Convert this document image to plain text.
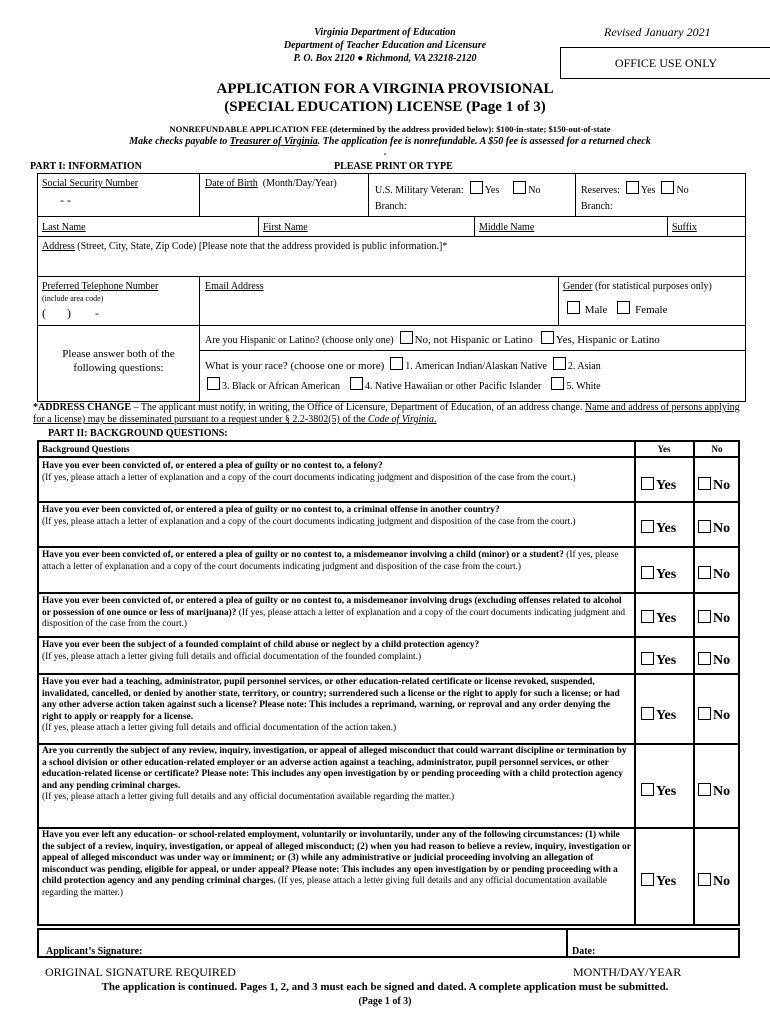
Virginia Department of Education
Department of Teacher Education and Licensure
P. O. Box 2120 ● Richmond, VA 23218-2120
Revised January 2021
OFFICE USE ONLY
APPLICATION FOR A VIRGINIA PROVISIONAL
(SPECIAL EDUCATION) LICENSE (Page 1 of 3)
NONREFUNDABLE APPLICATION FEE (determined by the address provided below): $100-in-state; $150-out-of-state
Make checks payable to Treasurer of Virginia. The application fee is nonrefundable. A $50 fee is assessed for a returned check
.
PART I: INFORMATION	PLEASE PRINT OR TYPE
Social Security Number
- -
Date of Birth (Month/Day/Year)
U.S. Military Veteran: Yes	No
Branch:
Reserves: Yes No
Branch:
Last Name	First Name	Middle Name	Suffix
Address (Street, City, State, Zip Code) [Please note that the address provided is public information.]*
Preferred Telephone Number
(include area code)
(       )        -
Email Address	Gender (for statistical purposes only)
Male	Female
Please answer both of the
following questions:
Are you Hispanic or Latino? (choose only one) No, not Hispanic or Latino Yes, Hispanic or Latino
What is your race? (choose one or more) 1. American Indian/Alaskan Native 2. Asian
3. Black or African American	4. Native Hawaiian or other Pacific Islander	5. White
*ADDRESS CHANGE – The applicant must notify, in writing, the Office of Licensure, Department of Education, of an address change. Name and address of persons applying for a license) may be disseminated pursuant to a request under § 2.2-3802(5) of the Code of Virginia.
PART II: BACKGROUND QUESTIONS:
Background Questions	Yes	No
Have you ever been convicted of, or entered a plea of guilty or no contest to, a felony?
(If yes, please attach a letter of explanation and a copy of the court documents indicating judgment and disposition of the case from the court.)
Yes	No
Have you ever been convicted of, or entered a plea of guilty or no contest to, a criminal offense in another country?
(If yes, please attach a letter of explanation and a copy of the court documents indicating judgment and disposition of the case from the court.)	Yes	No
Have you ever been convicted of, or entered a plea of guilty or no contest to, a misdemeanor involving a child (minor) or a student? (If yes, please attach a letter of explanation and a copy of the court documents indicating judgment and disposition of the case from the court.)
Yes	No
Have you ever been convicted of, or entered a plea of guilty or no contest to, a misdemeanor involving drugs (excluding offenses related to alcohol or possession of one ounce or less of marijuana)? (If yes, please attach a letter of explanation and a copy of the court documents indicating judgment and disposition of the case from the court.)	Yes	No
Have you ever been the subject of a founded complaint of child abuse or neglect by a child protection agency?
(If yes, please attach a letter giving full details and official documentation of the founded complaint.)	Yes	No
Have you ever had a teaching, administrator, pupil personnel services, or other education-related certificate or license revoked, suspended, invalidated, cancelled, or denied by another state, territory, or country; surrendered such a license or the right to apply for such a license; or had any other adverse action taken against such a license? Please note: This includes a reprimand, warning, or reproval and any order denying the right to apply or reapply for a license.
(If yes, please attach a letter giving full details and official documentation of the action taken.)
Yes	No
Are you currently the subject of any review, inquiry, investigation, or appeal of alleged misconduct that could warrant discipline or termination by a school division or other education-related employer or an adverse action against a teaching, administrator, pupil personnel services, or other education-related license or certificate? Please note: This includes any open investigation by or pending proceeding with a child protection agency and any pending criminal charges.
(If yes, please attach a letter giving full details and any official documentation available regarding the matter.)	Yes	No
Have you ever left any education- or school-related employment, voluntarily or involuntarily, under any of the following circumstances: (1) while the subject of a review, inquiry, investigation, or appeal of alleged misconduct; (2) when you had reason to believe a review, inquiry, investigation or appeal of alleged misconduct was under way or imminent; or (3) while any administrative or judicial proceeding involving an allegation of misconduct was pending, eligible for appeal, or under appeal? Please note: This includes any open investigation by or pending proceeding with a child protection agency and any pending criminal charges. (If yes, please attach a letter giving full details and any official documentation available regarding the matter.)
Yes	No
Applicant’s Signature:	Date:
ORIGINAL SIGNATURE REQUIRED	MONTH/DAY/YEAR
The application is continued. Pages 1, 2, and 3 must each be signed and dated. A complete application must be submitted.
(Page 1 of 3)
